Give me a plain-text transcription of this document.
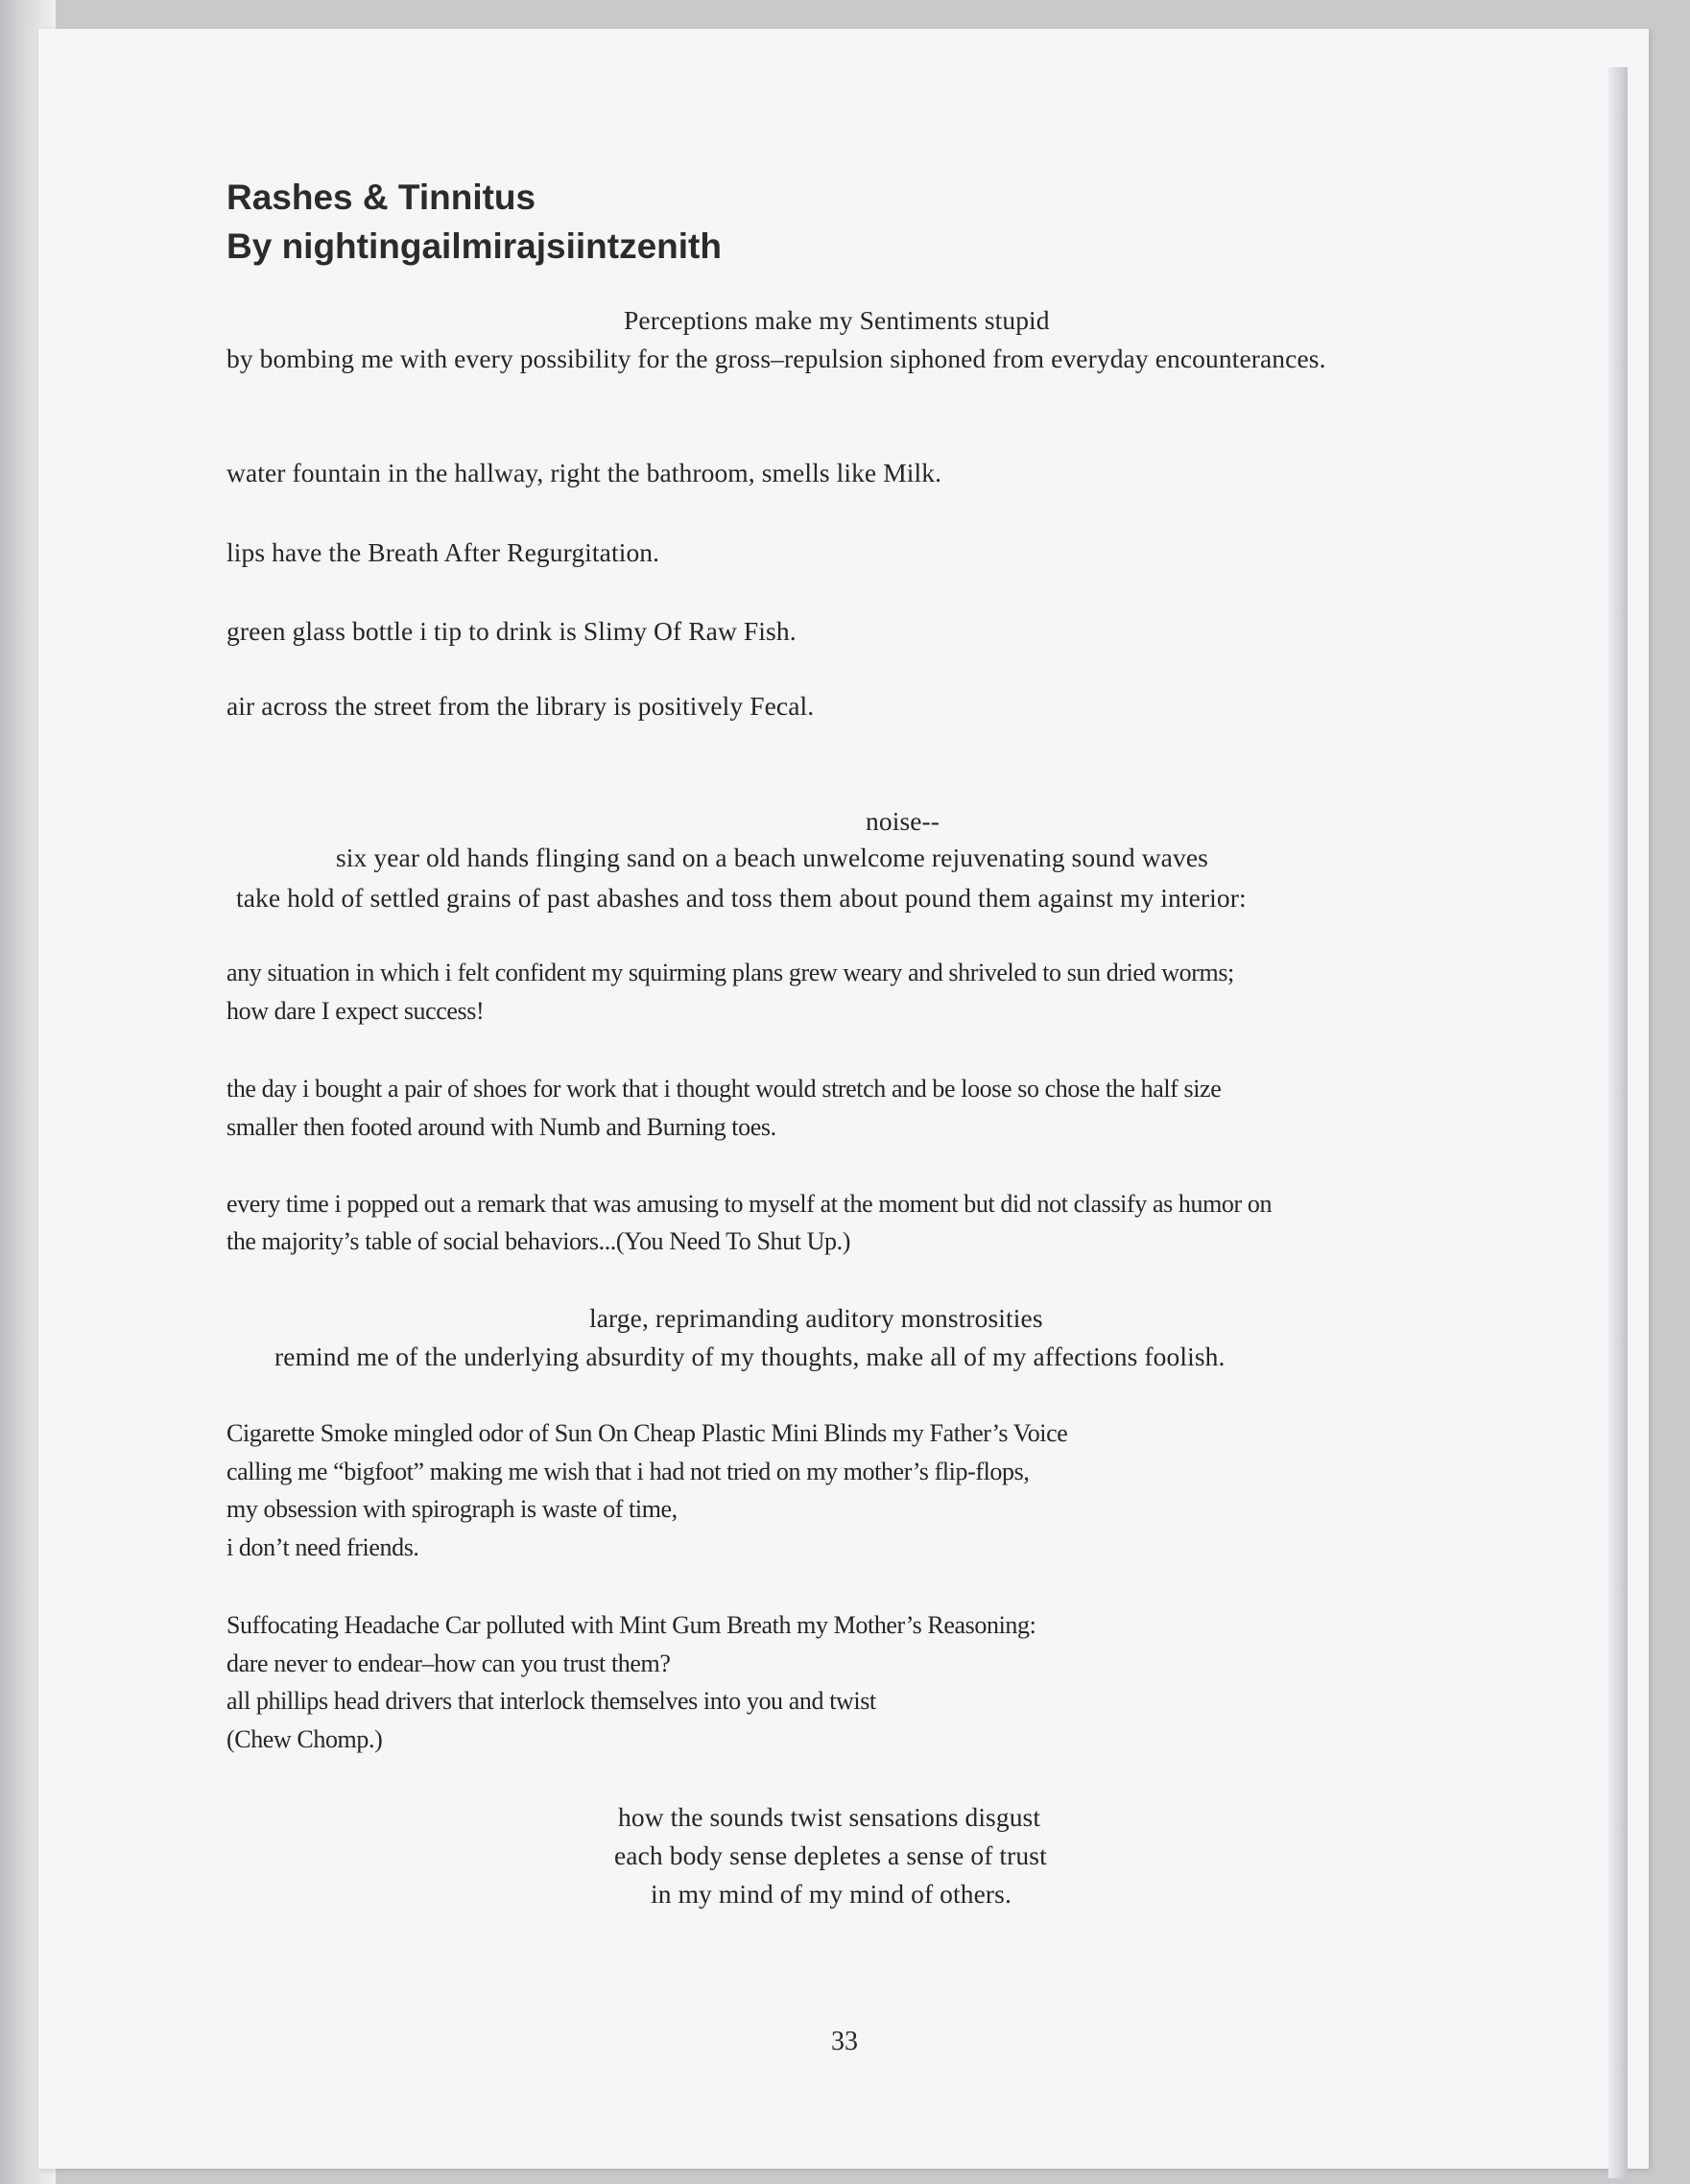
Rashes & Tinnitus
By nightingailmirajsiintzenith
Perceptions make my Sentiments stupid
by bombing me with every possibility for the gross–repulsion siphoned from everyday encounterances.
water fountain in the hallway, right the bathroom, smells like Milk.
lips have the Breath After Regurgitation.
green glass bottle i tip to drink is Slimy Of Raw Fish.
air across the street from the library is positively Fecal.
noise--
six year old hands flinging sand on a beach unwelcome rejuvenating sound waves
take hold of settled grains of past abashes and toss them about pound them against my interior:
any situation in which i felt confident my squirming plans grew weary and shriveled to sun dried worms;
how dare I expect success!
the day i bought a pair of shoes for work that i thought would stretch and be loose so chose the half size
smaller then footed around with Numb and Burning toes.
every time i popped out a remark that was amusing to myself at the moment but did not classify as humor on
the majority’s table of social behaviors...(You Need To Shut Up.)
large, reprimanding auditory monstrosities
remind me of the underlying absurdity of my thoughts, make all of my affections foolish.
Cigarette Smoke mingled odor of Sun On Cheap Plastic Mini Blinds my Father’s Voice
calling me “bigfoot” making me wish that i had not tried on my mother’s flip-flops,
my obsession with spirograph is waste of time,
i don’t need friends.
Suffocating Headache Car polluted with Mint Gum Breath my Mother’s Reasoning:
dare never to endear–how can you trust them?
all phillips head drivers that interlock themselves into you and twist
(Chew Chomp.)
how the sounds twist sensations disgust
each body sense depletes a sense of trust
in my mind of my mind of others.
33
